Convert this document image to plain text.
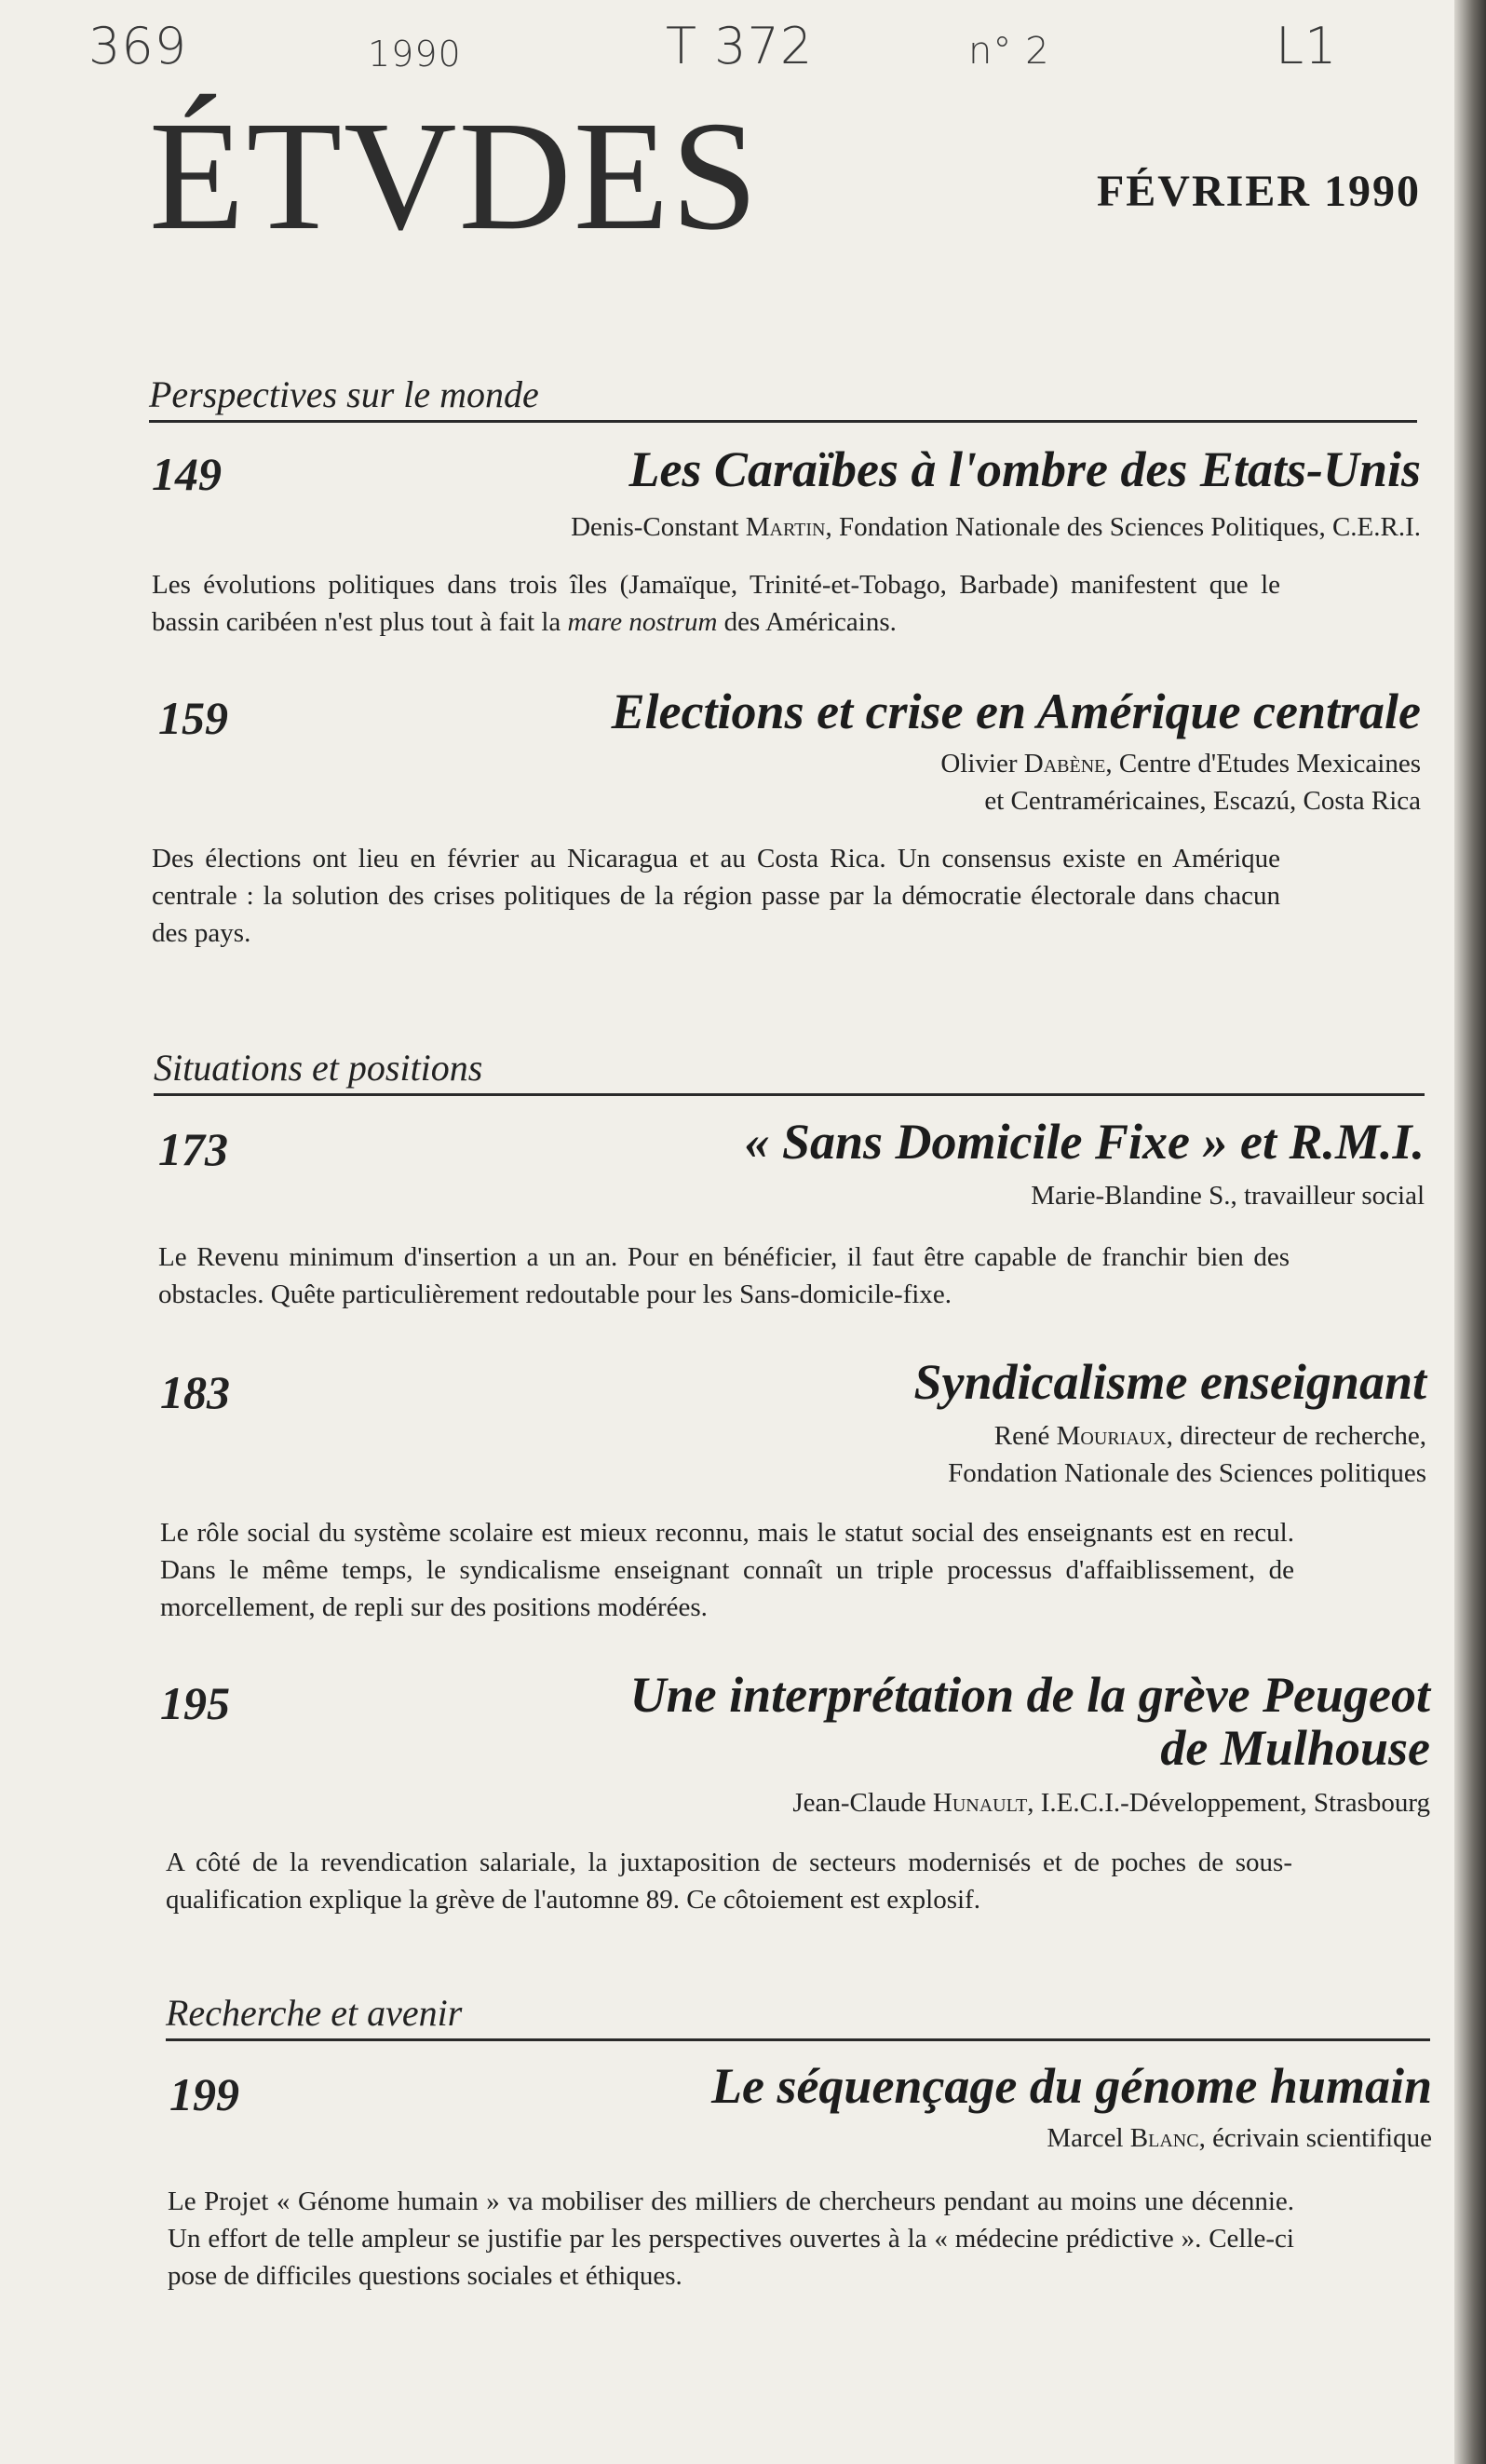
369	1990	T 372	n° 2	L1
ÉTVDES	FÉVRIER 1990
Perspectives sur le monde
149	Les Caraïbes à l'ombre des Etats-Unis
Denis-Constant Martin, Fondation Nationale des Sciences Politiques, C.E.R.I.
Les évolutions politiques dans trois îles (Jamaïque, Trinité-et-Tobago, Barbade) manifestent que le bassin caribéen n'est plus tout à fait la mare nostrum des Américains.
159	Elections et crise en Amérique centrale
Olivier Dabène, Centre d'Etudes Mexicaines
et Centraméricaines, Escazú, Costa Rica
Des élections ont lieu en février au Nicaragua et au Costa Rica. Un consensus existe en Amérique centrale : la solution des crises politiques de la région passe par la démocratie électorale dans chacun des pays.
Situations et positions
173	« Sans Domicile Fixe » et R.M.I.
Marie-Blandine S., travailleur social
Le Revenu minimum d'insertion a un an. Pour en bénéficier, il faut être capable de franchir bien des obstacles. Quête particulièrement redoutable pour les Sans-domicile-fixe.
183	Syndicalisme enseignant
René Mouriaux, directeur de recherche,
Fondation Nationale des Sciences politiques
Le rôle social du système scolaire est mieux reconnu, mais le statut social des enseignants est en recul. Dans le même temps, le syndicalisme enseignant connaît un triple processus d'affaiblissement, de morcellement, de repli sur des positions modérées.
195	Une interprétation de la grève Peugeot
de Mulhouse
Jean-Claude Hunault, I.E.C.I.-Développement, Strasbourg
A côté de la revendication salariale, la juxtaposition de secteurs modernisés et de poches de sous-qualification explique la grève de l'automne 89. Ce côtoiement est explosif.
Recherche et avenir
199	Le séquençage du génome humain
Marcel Blanc, écrivain scientifique
Le Projet « Génome humain » va mobiliser des milliers de chercheurs pendant au moins une décennie. Un effort de telle ampleur se justifie par les perspectives ouvertes à la « médecine prédictive ». Celle-ci pose de difficiles questions sociales et éthiques.
